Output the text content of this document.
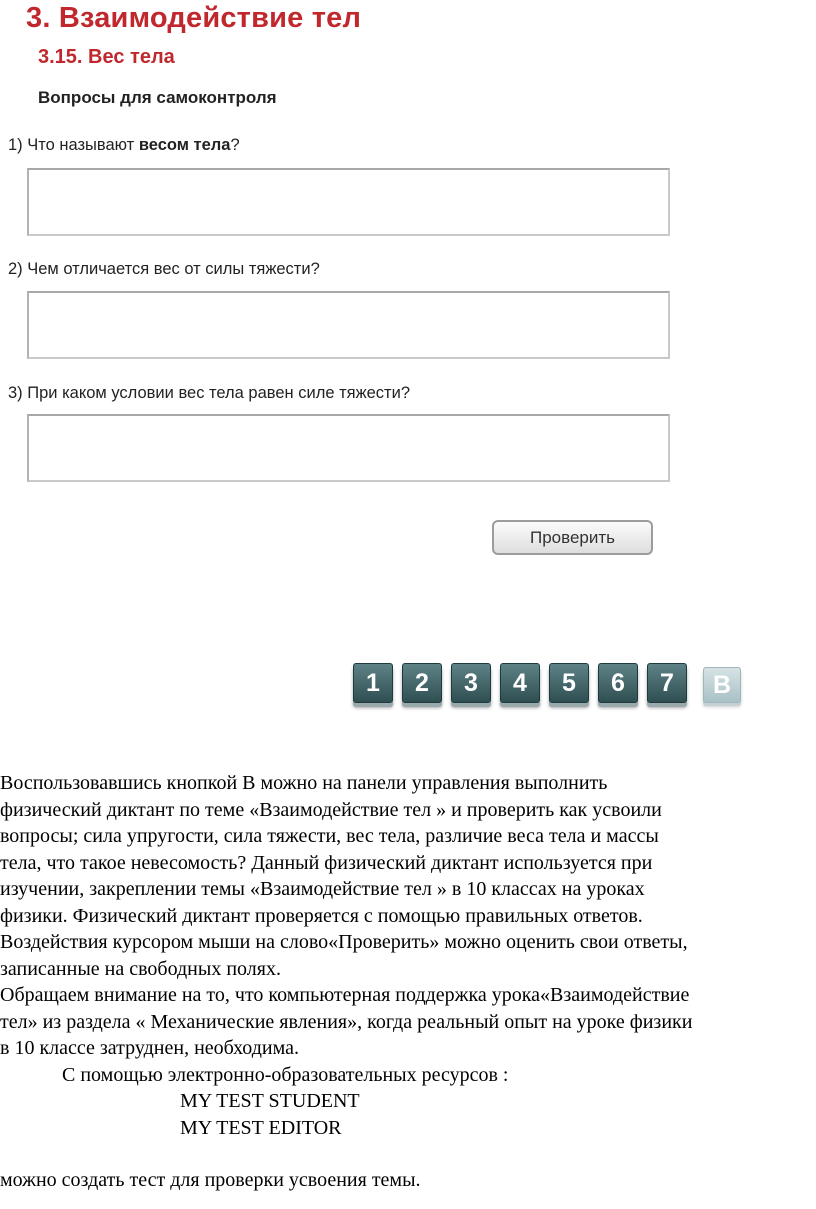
3. Взаимодействие тел
3.15. Вес тела
Вопросы для самоконтроля

1) Что называют весом тела?

2) Чем отличается вес от силы тяжести?

3) При каком условии вес тела равен силе тяжести?

Проверить
1	2	3	4	5	6	7	В

Воспользовавшись кнопкой В можно на панели управления выполнить

физический диктант по теме «Взаимодействие тел » и проверить как усвоили

вопросы; сила упругости, сила тяжести, вес тела, различие веса тела и массы

тела, что такое невесомость? Данный физический диктант используется при

изучении, закреплении темы «Взаимодействие тел » в 10 классах на уроках

физики. Физический диктант проверяется с помощью правильных ответов.

Воздействия курсором мыши на слово«Проверить» можно оценить свои ответы,

записанные на свободных полях.

Обращаем внимание на то, что компьютерная поддержка урока«Взаимодействие

тел» из раздела « Механические явления», когда реальный опыт на уроке физики

в 10 классе затруднен, необходима.

С помощью электронно-образовательных ресурсов :

MY TEST STUDENT

MY TEST EDITOR

можно создать тест для проверки усвоения темы.
